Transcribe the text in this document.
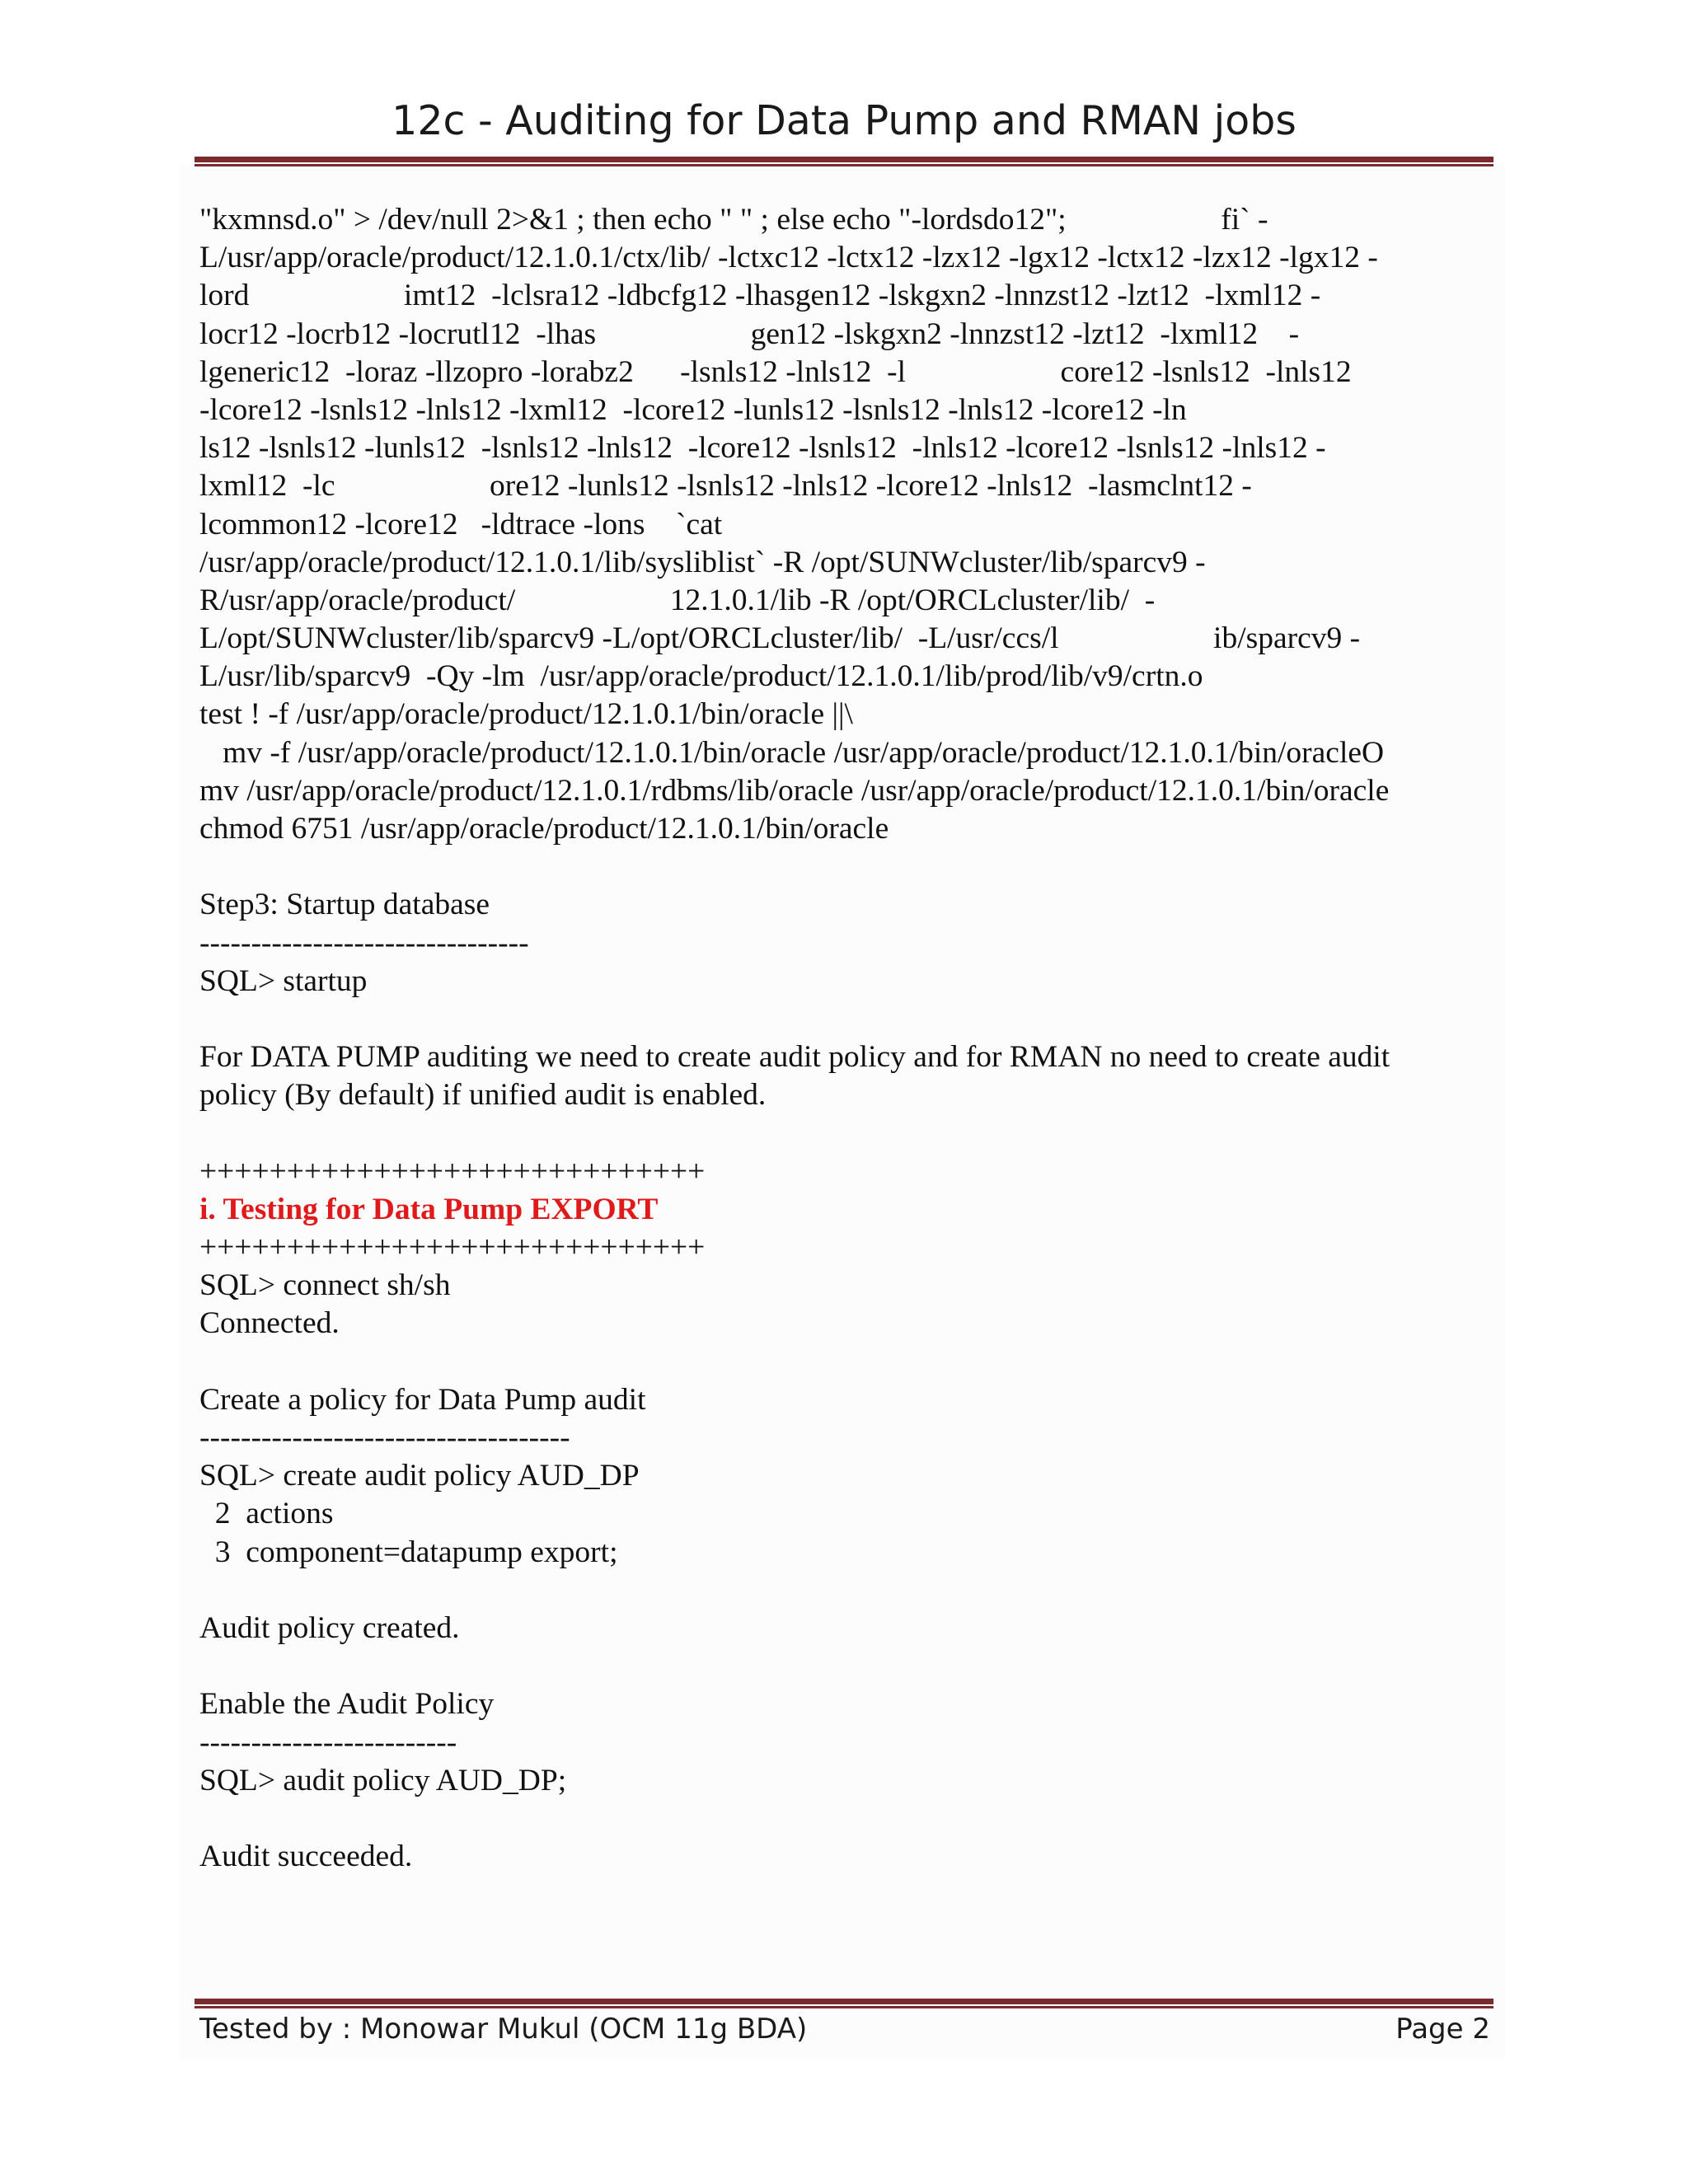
12c - Auditing for Data Pump and RMAN jobs
"kxmnsd.o" > /dev/null 2>&1 ; then echo " " ; else echo "-lordsdo12";                    fi` -
L/usr/app/oracle/product/12.1.0.1/ctx/lib/ -lctxc12 -lctx12 -lzx12 -lgx12 -lctx12 -lzx12 -lgx12 -
lord                    imt12  -lclsra12 -ldbcfg12 -lhasgen12 -lskgxn2 -lnnzst12 -lzt12  -lxml12 -
locr12 -locrb12 -locrutl12  -lhas                    gen12 -lskgxn2 -lnnzst12 -lzt12  -lxml12    -
lgeneric12  -loraz -llzopro -lorabz2      -lsnls12 -lnls12  -l                    core12 -lsnls12  -lnls12
-lcore12 -lsnls12 -lnls12 -lxml12  -lcore12 -lunls12 -lsnls12 -lnls12 -lcore12 -ln
ls12 -lsnls12 -lunls12  -lsnls12 -lnls12  -lcore12 -lsnls12  -lnls12 -lcore12 -lsnls12 -lnls12 -
lxml12  -lc                    ore12 -lunls12 -lsnls12 -lnls12 -lcore12 -lnls12  -lasmclnt12 -
lcommon12 -lcore12   -ldtrace -lons    `cat
/usr/app/oracle/product/12.1.0.1/lib/sysliblist` -R /opt/SUNWcluster/lib/sparcv9 -
R/usr/app/oracle/product/                    12.1.0.1/lib -R /opt/ORCLcluster/lib/  -
L/opt/SUNWcluster/lib/sparcv9 -L/opt/ORCLcluster/lib/  -L/usr/ccs/l                    ib/sparcv9 -
L/usr/lib/sparcv9  -Qy -lm  /usr/app/oracle/product/12.1.0.1/lib/prod/lib/v9/crtn.o
test ! -f /usr/app/oracle/product/12.1.0.1/bin/oracle ||\
mv -f /usr/app/oracle/product/12.1.0.1/bin/oracle /usr/app/oracle/product/12.1.0.1/bin/oracleO
mv /usr/app/oracle/product/12.1.0.1/rdbms/lib/oracle /usr/app/oracle/product/12.1.0.1/bin/oracle
chmod 6751 /usr/app/oracle/product/12.1.0.1/bin/oracle
Step3: Startup database
--------------------------------
SQL> startup
For DATA PUMP auditing we need to create audit policy and for RMAN no need to create audit
policy (By default) if unified audit is enabled.
+++++++++++++++++++++++++++++
i. Testing for Data Pump EXPORT
+++++++++++++++++++++++++++++
SQL> connect sh/sh
Connected.
Create a policy for Data Pump audit
------------------------------------
SQL> create audit policy AUD_DP
2  actions
3  component=datapump export;
Audit policy created.
Enable the Audit Policy
-------------------------
SQL> audit policy AUD_DP;
Audit succeeded.
Tested by : Monowar Mukul (OCM 11g BDA)	Page 2
